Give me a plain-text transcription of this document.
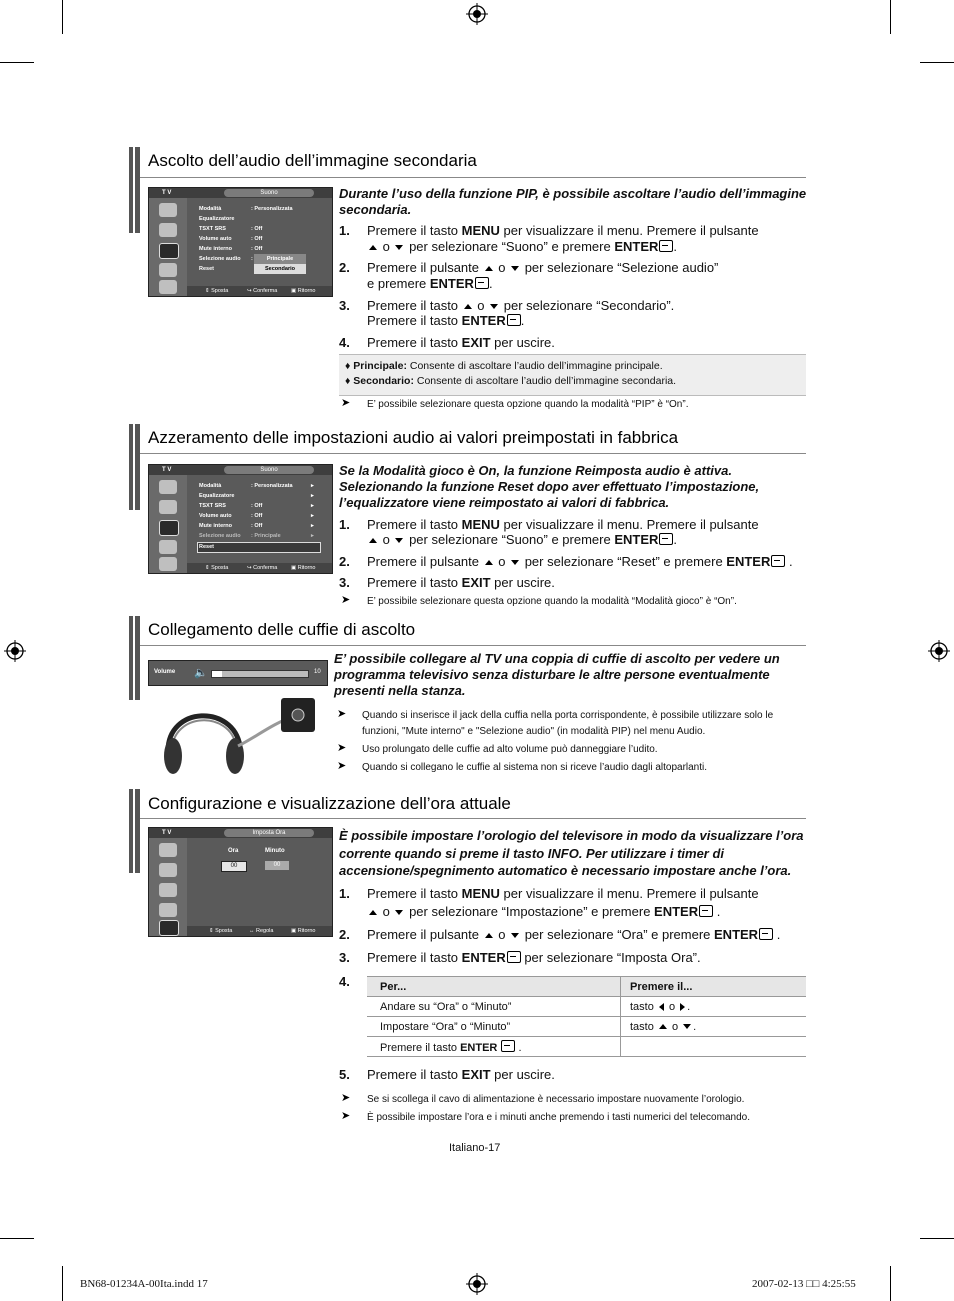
Ascolto dell’audio dell’immagine secondaria
T V	Suono
Modalità	: Personalizzata
Equalizzatore
TSXT SRS	: Off
Volume auto	: Off
Mute interno	: Off
Selezione audio :
Reset
Principale
Secondario
⇕ Sposta	↪ Conferma ▣ Ritorno
Durante l’uso della funzione PIP, è possibile ascoltare l’audio dell’immagine secondaria.
1. Premere il tasto MENU per visualizzare il menu. Premere il pulsante
o  per selezionare “Suono” e premere ENTER .
2. Premere il pulsante  o  per selezionare “Selezione audio”
e premere ENTER .
3. Premere il tasto  o  per selezionare “Secondario”.
Premere il tasto ENTER .
4. Premere il tasto EXIT per uscire.
♦ Principale: Consente di ascoltare l’audio dell’immagine principale.
♦ Secondario: Consente di ascoltare l’audio dell’immagine secondaria.
➤ E’ possibile selezionare questa opzione quando la modalità “PIP” è “On”.
Azzeramento delle impostazioni audio ai valori preimpostati in fabbrica
T V	Suono
Modalità	: Personalizzata	▸
Equalizzatore	▸
TSXT SRS	: Off	▸
Volume auto	: Off	▸
Mute interno	: Off	▸
Selezione audio : Principale	▸
Reset
⇕ Sposta	↪ Conferma ▣ Ritorno
Se la Modalità gioco è On, la funzione Reimposta audio è attiva. Selezionando la funzione Reset dopo aver effettuato l’impostazione, l’equalizzatore viene reimpostato ai valori di fabbrica.
1. Premere il tasto MENU per visualizzare il menu. Premere il pulsante
o  per selezionare “Suono” e premere ENTER .
2. Premere il pulsante  o  per selezionare “Reset” e premere ENTER .
3. Premere il tasto EXIT per uscire.
➤ E’ possibile selezionare questa opzione quando la modalità “Modalità gioco” è “On”.
Collegamento delle cuffie di ascolto
Volume 🔈	10
E’ possibile collegare al TV una coppia di cuffie di ascolto per vedere un programma televisivo senza disturbare le altre persone eventualmente presenti nella stanza.
➤ Quando si inserisce il jack della cuffia nella porta corrispondente, è possibile utilizzare solo le
funzioni, "Mute interno" e "Selezione audio" (in modalità PIP) nel menu Audio.
➤ Uso prolungato delle cuffie ad alto volume può danneggiare l’udito.
➤ Quando si collegano le cuffie al sistema non si riceve l’audio dagli altoparlanti.
Configurazione e visualizzazione dell’ora attuale
T V	Imposta Ora
Ora	Minuto
00	00
⇕ Sposta	↔ Regola	▣ Ritorno
È possibile impostare l’orologio del televisore in modo da visualizzare l’ora corrente quando si preme il tasto INFO. Per utilizzare i timer di accensione/spegnimento automatico è necessario impostare anche l’ora.
1. Premere il tasto MENU per visualizzare il menu. Premere il pulsante
o  per selezionare “Impostazione” e premere ENTER .
2. Premere il pulsante  o  per selezionare “Ora” e premere ENTER .
3. Premere il tasto ENTER per selezionare “Imposta Ora”.
4.	Per...	Premere il...
Andare su “Ora” o “Minuto”	tasto o .
Impostare “Ora” o “Minuto”	tasto o .
Premere il tasto ENTER  .	
5. Premere il tasto EXIT per uscire.
➤ Se si scollega il cavo di alimentazione è necessario impostare nuovamente l’orologio.
➤ È possibile impostare l’ora e i minuti anche premendo i tasti numerici del telecomando.
Italiano-17
BN68-01234A-00Ita.indd 17	2007-02-13 □□ 4:25:55
